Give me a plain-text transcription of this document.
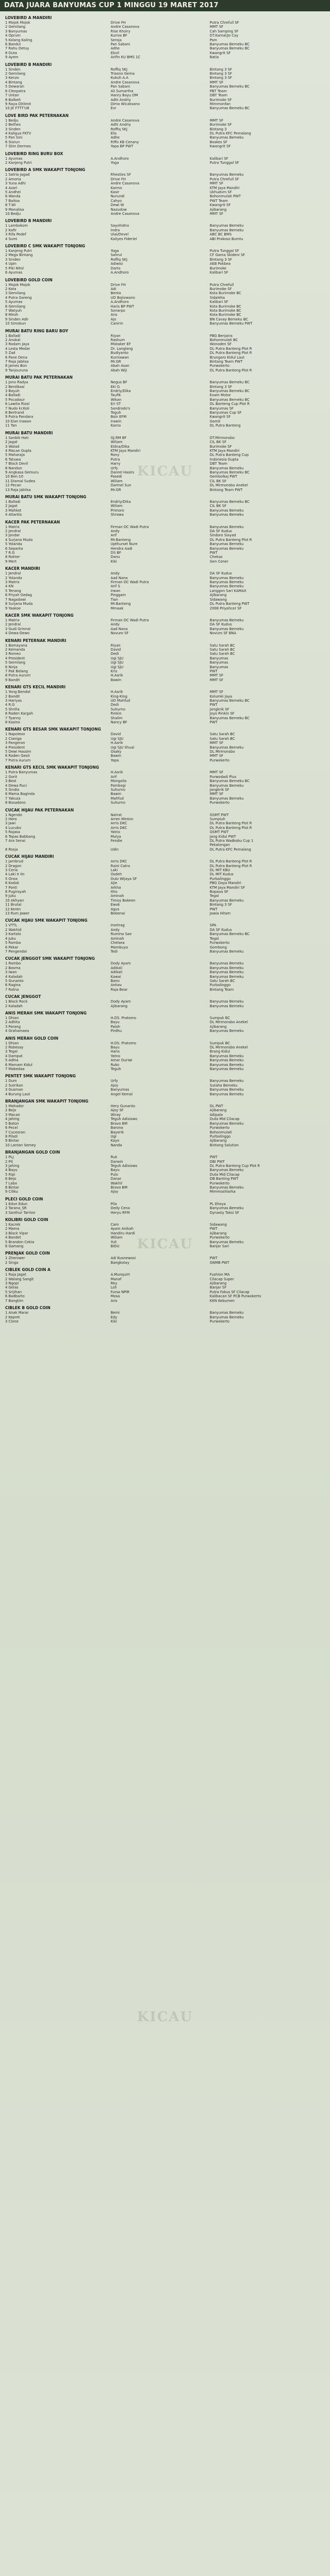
DATA JUARA BANYUMAS CUP 1 MINGGU 19 MARET 2017
LOVEBIRD A MANDIRI
1 Mojok Mojok	Drive FH	Putra Chrefull SF
2 Gemilang	Andre Casanova	MMT SF
3 Banyumas	Rise Khoiry	Cah Samping SF
4 Oprum	Kurnia BF	DT.Kamal/Jo Cay
5 Kolang Kaling	Seroja	Psm
6 Bandul	Pan Sabani	Banyumas Bemeku BC
7 Rahu Detuy	Adhe	Banyumas Bemeku BC
8 Duta	Ebvil	Kwangrit SF
9 Ayem	Arifin KU BMS 1C	Batia
LOVEBIRD B MANDIRI
1 Sinden	Roffiq SKJ	Bintang 3 SF
2 Gemilang	Triasno Gema	Bintang 3 SF
3 Kenzo	Kukuh A.A	Bintang 3 SF
4 Bintang	Andre Casanova	MMT SF
5 Dewaran	Pan Sabani	Banyumas Bemeku BC
6 Cleopatra	Ali Sumartha	PBT Team
7 Untan	Hanry Bayu DM	DBT Team
8 Balbeit	Adhi Andriy	Burimoke SF
9 Raya Ditlimit	Dimo Wicaksono	Mimmonfan
10 JK FTTT'U8	Evr	Banyumas Bemeku BC
LOVE BIRD PAK PETERNAKAN
1 Bedju	Andre Casanova	MMT SF
2 Bethes	Adhi Andriy	Burimoke SF
3 Sinden	Roffiq SKJ	Bintang 3
4 Kaligua FKTV	Elis	DL Putra KFC Pemalang
5 Pan Sini	Adhe	Banyumas Bemeku
6 Siorun	Riffo KB Cenany	Boskes SF
7 Slim Dermes	Yapa BP PWT	Kwangrit SF
LOVEBIRD RING BURU BOX
1 Ayumas	A.Andhoro	Kalibari SF
2 Kanjeng Putri	Yoga	Putra Tunggal SF
LOVEBIRD A SMK WAKAPIT TONJONG
1 Satria Jagad	Rhesties SF	Banyumas Bemeku
2 Amoria	Drive FH	Putra Chrefull SF
3 Yuna Adhi	Andre Casanova	MMT SF
4 Azari	Karmo	KTM Jaya Mandiri
5 Andhei	Kasir	Ukhudvm SF
6 Wanda	Nurundi	Bohonmulati PWT
7 Baitoa	Cahyo	PWT Team
8 T.Wi	Dewi W	Kwangrit SF
9 Monalisa	Nazudow	Ajibarang
10 Bedju	Andre Casanova	MMT SF
LOVEBIRD B MANDIRI
1 Lambokom	Sayohidno	Banyumas Bemeku
2 Kafir	Indra	Banyumas Bemeku
3 Rifa Pedef	Ulai/Devel	ABC BC BMS
4 Sumi	Kaliyes Fideriel	ABI Prakoso Bumtu
LOVEBIRD C SMK WAKAPIT TONJONG
1 Kanjeng Putri	Yoga	Putra Tunggal SF
2 Mega Bintang	Sahrul	CF Gama Skideni SF
3 Sinden	Roffiq SKJ	Bintang 3 SF
4 Upin	Adiwisi	AEB Pokbea
5 Piki Nitol	Darto	Burimoke
6 Ayumas	A.Andhoro	Kalibari SF
LOVEBIRD GOLD COIN
1 Mojok Mojok	Drive FH	Putra Chrefull
2 Kota	Adi	Burimoke SF
3 Gemilang	Benta	Kota Burimoke BC
4 Putra Gareng	UD Bojiowano	Sidaleha
5 Ayumas	A.Andhoro	Kalibari SF
6 Gemilang	Haris BP PWT	Kota Burimoke BC
7 Watyuh	Sonarpo	Kota Burimoke BC
8 Miroh	Aris	Kota Burimoke BC
9 Sinden Adir	Ajo	BN Cavay Bemeku BC
10 Simokun	Canirin	Banyumas Bemeku PWT
MURAI BATU RING BARU BOY
1 Balladi	Riyan	PBG Benjaira
2 Anokal	Rashum	Bohonmulati BC
3 Rodam Jaya	Mistaker EF	Wonoden SF
4 Lesta Medar	Dr. Langlang	DL Putra Banteng Plot R
5 Zad	Budiyanto	DL Putra Banteng Plot R
6 Pane Dena	Kurniawan	Brungaro Kidul Laut
7 Raja Jabilsa	Mr.GR	Bintang Team PWT
8 James Bon	Abah Asan	Purwokerto
9 Tanjouruna	Abah Wiji	DL Putra Banteng Plot R
MURAI BATU PAK PETERNAKAN
1 Jono Radya	Negus BF	Banyumas Bemeku BC
2 Berdikasi	Eki G	Bintang 3 SF
3 Bayuh	Endriy/Dika	Banyumas Bemeku BC
4 Balladi	Taufik	Exam Motor
5 Pocadaur	Wikan	Banyumas Bemeku BC
6 Lawita Rizal	Eri ST	DL Banteng Cup Plot R
7 Nudo kr.Koli	Sandrodo's	Banyumas SF
8 Bertrand	Teguh	Banyumas Cup SF
9 Putra Pandara	Bsin EFM	Kwangrit SF
10 Elan Irawan	Irawin	Gamit
11 Tan	Karno	DL Putra Banteng
MURAI BATU MANDIRI
1 Sanbik Hati	GJ.RM BF	DT.Mirmonsbo
2 Jagat	Wiliam	CIL BK SF
3 Walad	Eldna/Dika	Burimoke SF
4 Macan Gupla	KTM Jaya Mandiri	KTM Jaya Mandiri
5 Maharaja	Rony	DL Putra Banteng Cup
6 Tatuwa	Putra	Indonesia Gupta
7 Black Devil	Harry	DBT Team
8 Nandun	Urfy	Banyumas Bemeku
9 Angkasa Gemuru	Danrel Hasirs	Banyumas Bemeku BC
10 Ben-10	Pasedi	Gembolkaj PWT
11 Diamal Sudea	Wiliam	CIL BK SF
12 Pecan	Darmel Sun	DL Mirmonsbo Anekel
13 Raja Jabilsa	Mr.GR	Bintang Team PWT
MURAI BATU SMK WAKAPIT TONJONG
1 Balladi	Endriy/Dika	Banyumas Bemeku BC
2 Jagat	Wiliam	CIL BK SF
3 Mahkot	Primoro	Banyumas Bemeku
4 Atlantis	Shrawa	Banyumas Bemeku
KACER PAK PETERNAKAN
1 Matrix	Firman DC Wadi Putra	Banyumas Bemeku
2 Jendral	Andy	DA SF Kudus
3 Jondar	Arif	Sindoro Siayad
4 Surjana Muda	Mr.Banteng	DL Putra Banteng Plot R
5 Yolanda	Upthurset Nure	Banyumas Bemeku
6 Sepanta	Hendra Aadi	Banyumas Bemeku
7 R.G	DS BF	PWT
8 Rokter	Danu	Chekas
9 Mert	Kiki	Gen Cener
KACER MANDIRI
1 Jendral	Andy	DA SF Kudus
2 Yolanda	Aad Nana	Banyumas Bemeku
3 Matrix	Firman DC Wadi Putra	Banyumas Bemeku
4 KN	Arif S	Banyumas Bemeku
5 Tenang	Irwan	Langgon Sari KAMAX
6 Priyah Gedag	Pinggam	Ajibarang
7 Nagadawi	Tian	Sidawang
8 Surjana Muda	Mr.Banteng	DL Putra Banteng PWT
9 Yaakoe	Mmaak	2008 Priyahcer SF
KACER SMK WAKAPIT TONJONG
1 Matrix	Firman DC Wadi Putra	Banyumas Bemeku
2 Jendral	Andy	DA SF Kudus
3 Gudi Grinnal	Aad Nana	Banyumas Bemeku
4 Dewa-Dewo	Novuro SF	Novuro SF BNA
KENARI PETERNAK MANDIRI
1 Bomayana	Riyan	Satu Sarah BC
2 Kemanda	David	Satu Sarah BC
3 Romeo	Dedi	Satu Sarah BC
4 President	Ugi SJU	Banyumas
5 Gemilang	Ugi SJU	Banyumas
6 Ninja	Ugi SJU	Banyumas
7 Pak Belang	Kris	PWT
8 Putra Aurum	H.Asrik	MMT SF
9 Bandit	Bawin	MMT SF
KENARI GTS KECIL MANDIRI
1 Yong Bendot	H.Asrik	MMT SF
2 Bandit	King-King	Kolumki Jaya
3 Hariyas	UD Mahfud	Banyumas Bemeku BC
4 R.G	Dedi	PWT
5 Shrilla	Suhurno	Jangkrik SF
6 Raden Kargah	Rinkin	Joyo Rinkin SF
7 Tyanny	Shalim	Banyumas Bemeku BC
8 Kasino	Nancy BF	PWT
KENARI GTS BESAR SMK WAKAPIT TONJONG
1 Napoleon	David	Satu Sarah BC
2 Cianiga	Ugi SJU	Satu Sarah BC
3 Pangeran	H.Asrik	MMT SF
4 President	Ugi SJU Shuai	Banyumas Bemeku
5 Dewi Hassim	Osaky	DL Mirmonsbo
6 Raden Gesit	Bawin	MMT SF
7 Putra Aurum	Yapa	Purwokerto
KENARI GTS KECIL SMK WAKAPIT TONJONG
1 Putra Banyumas	H.Asrik	MMT SF
2 Gorit	Arif	Purwodadi Plus
3 Best	Mongolia	Banyumas Bemeku BC
4 Dewa Ruci	Pambogi	Banyumas Bemeku
5 Sindio	Suhurno	Jangkrik SF
6 Mama Baginda	Bawin	MMT SF
7 Yakuza	Mahfud	Banyumas Bemeku
8 Bosadono	Suhurno	Purwokerto
CUCAK HIJAU PAK PETERNAKAN
1 Ngendo	Natrat	GSMT PWT
2 Hero	Arren Minton	Sumpiuh
3 Jawi	Arris DKC	DL Putra Banteng Plot R
4 Lucubo	Arris DKC	DL Putra Banteng Plot R
5 Rajasa	Yatno	GSMT PWT
6 Tepas Babbang	Mulya	Jang Kidul PWT
7 Ara Senai	Fendie	DL Putra Wadkobu Cup 1 Pekalongan
8 Rosja	Udin	DL Putra KFC Pemalang
CUCAK HIJAU MANDIRI
1 Jambrud	Arris DKC	DL Putra Banteng Plot R
2 Dragon	Raini Catra	DL Putra Banteng Plot R
3 Ceria	Laki	DL MIT KBU
4 Laki Ir Iin	Osdeh	DL MIT Kudus
5 Onox	Dulo Wijaya SF	Purbalinggo
6 Kodok	Ajie	PBG Daya Mandiri
7 Ponti	Arkha	KTM Jaya Mandiri SF
8 Pugirayah	Itho	Bopaoa SF
9 Juku	Aminah	Tegal
10 Akhyan	Timoy Bakeen	Banyumas Bemeku
11 Brutal	Ewok	Bintang 3 SF
12 Keren	Agus	PWT
13 Rum Jawer	Bebenai	Jawia Hitam
CUCAK HIJAU SMK WAKAPIT TONJONG
1 VTTL	Irontrag	SPA
2 Wakhid	Andy	DA SF Kudus
3 Kartolo	Rumina Sae	Banyumas Bemeku BC
4 Juku	Aminah	Tegal
5 Ramba	Chelsea	Purwokerto
6 Pekar	Mambuya	Gombong
7 Pengendal	Tedi	Banyumas Bemeku
CUCAK JENGGOT SMK WAKAPIT TONJONG
1 Rambo	Dody Ayam	Banyumas Bemeku
2 Bosma	Adikali	Banyumas Bemeku
3 Iwan	Adikali	Banyumas Bemeku
4 Kaladah	Kawai	Banyumas Bemeku
5 Gunanto	Bano	Satu Sarah BC
6 Ragina	Anhav	Purbalinggo
7 Ratna	Raja Bear	Bintang Team
CUCAK JENGGOT
1 Black Rock	Dody Ayam	Banyumas Bemeku
2 Kaladah	Ajibarang	Banyumas Bemeku
ANIS MERAH SMK WAKAPIT TONJONG
1 Dhian	H.DS. Pratomo	Sumpuk BC
2 Adhita	Bayu	DL Mirmonsbo Anekel
3 Parang	Paloh	Ajibarang
4 Grahamaea	Pirdhu	Banyumas Bemeku
ANIS MERAH GOLD COIN
1 Dhian	H.DS. Pratomo	Sumpuk BC
2 Robesay	Bayu	DL Mirmonsbo Anekel
3 Tegal	Haris	Brang Kidul
4 Dampat	Yatno	Banyumas Bemeku
5 Adhia	Amar Duriwi	Banyumas Bemeku
6 Mamam Kidul	Ruko	Banyumas Bemeku
7 Mabedaa	Teguh	Banyumas Bemeku
PENTET SMK WAKAPIT TONJONG
1 Dum	Urfy	Banyumas Bemeku
2 Sutrikan	Ajoy	Sutaha Bemeku
3 Gusman	Banyumas	Banyumas Bemeku
4 Burung Laut	Angel Kemal	Banyumas Bemeku
BRANJANGAN SMK WAKAPIT TONJONG
1 Mahador	Hery Gunanto	DL PWT
2 Bejo	Ajoy SF	Ajibarang
3 Macan	Wiray	Adipala
4 Jahing	Teguh Adisiswo	Duta Mid Cilacap
5 Baton	Bravo BM	Banyumas Bemeku
6 Pecel	Barona	Purwokerto
7 Cuceoran	Bayerik	Bohonmulati
8 Pilsdi	Ugi	Purbalinggo
9 Bintar	Kayo	Ajibarang
10 Lantan Semey	Nanda	Bintang Solution
BRANJANGAN GOLD COIN
1 PLJ	Ruk	PWT
2 Pit	Darwin	DBI PWT
3 Jahing	Teguh Adisiswo	DL Putra Banteng Cup Plot R
4 Bayu	Bayu	Banyumas Bemeku
5 Ripi	Pulo	Duta Mid Cilacap
6 Bejo	Danar	DB Banting PWT
7 Laba	Wakhil	Purwokerto
8 Bintar	Bravo BM	Banyumas Bemeku
9 Ciliku	Ajoy	Mimmoshlarka
PLECI GOLD COIN
1 Edun Edun	Pila	PL Ehoya
2 Tarana_SR	Dedy Cena	Banyumas Bemeku
3 Santhur Tarrion	Heryu RFM	Dynasty Taksi SF
KOLIBRI GOLD COIN
1 Kacrek	Caro	Sidawang
2 Mama	Ayam Anikah	PWT
3 Black Vipar	Handiru Hardi	Ajibarang
4 Bandet	Wiliam	Purwokerto
5 Brandon Cekia	Yuli	Banyumas Bemeku
6 Gamang	BIDU	Banjar Sari
PRENJAK GOLD COIN
1 Zheniwer	Adi Kusnewosi	PWT
2 Singa	Bangkotay	GNMB PWT
CIBLEK GOLD COIN A
1 Raja Jagat	A.Munquirt	Fushion MA
2 Walang Sangit	Manaf	Cilacap Super
3 Ngopi	Rey	Ajibarang
4 Gelas	Loli	Banjar SF
5 Srijihan	Fursa NPIR	Putra Fokus SF Cilacap
6 Badbarto	Mosa	Kalibacan SF PCB Purwokerto
7 Bangtim	Aris	KKN Kebumen
CIBLEK B GOLD COIN
1 Anak Marar	Bemi	Banyumas Bemeku
2 Kepret	Edy	Banyumas Bemeku
3 Clone	Kiki	Purwokerto
KICAU
KICAU
KICAU
